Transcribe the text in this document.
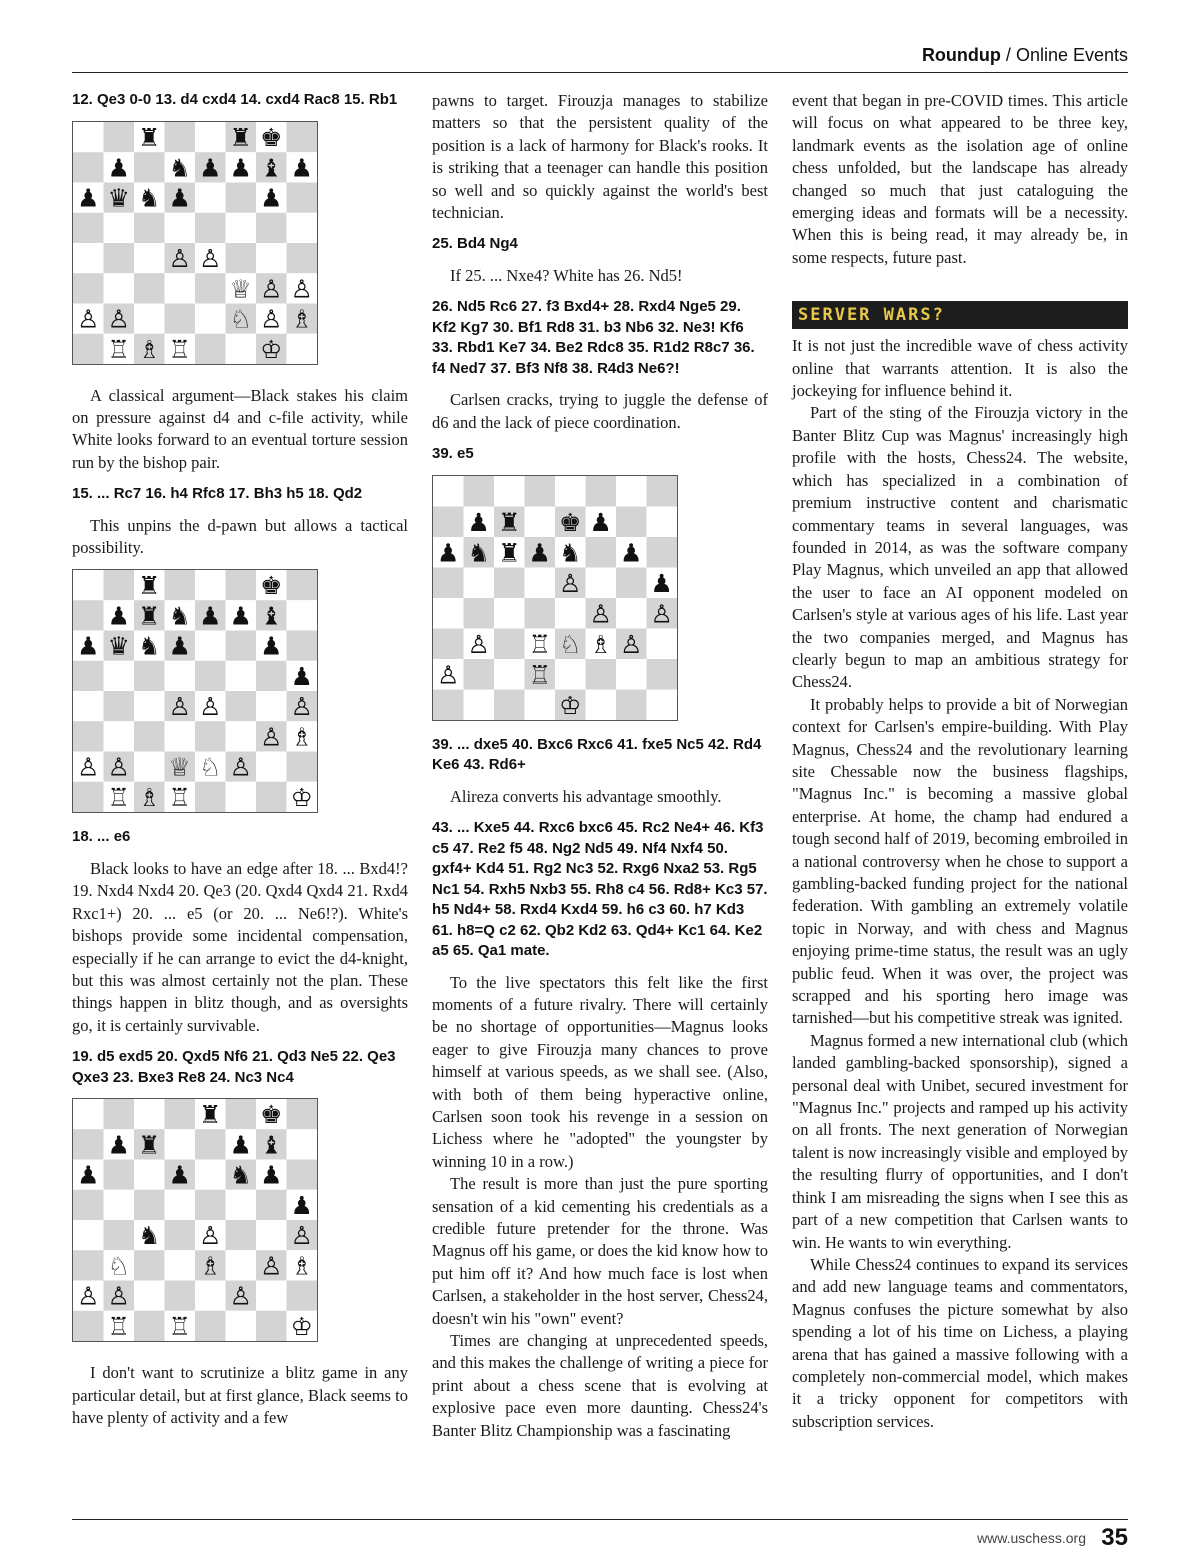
Roundup / Online Events
12. Qe3 0-0 13. d4 cxd4 14. cxd4 Rac8 15. Rb1
♜	♜ ♚
♟ ♞ ♟ ♟ ♝ ♟
♟ ♛ ♞ ♟	♟
♙ ♙
♕ ♙ ♙
♙ ♙	♘ ♙ ♗
♖ ♗ ♖	♔

A classical argument—Black stakes his claim on pressure against d4 and c-file activity, while White looks forward to an eventual torture session run by the bishop pair.

15. ... Rc7 16. h4 Rfc8 17. Bh3 h5 18. Qd2

This unpins the d-pawn but allows a tactical possibility.

♜	♚
♟ ♜ ♞ ♟ ♟ ♝
♟ ♛ ♞ ♟	♟
♟
♙ ♙	♙
♙ ♗
♙ ♙ ♕ ♘ ♙
♖ ♗ ♖	♔
18. ... e6

Black looks to have an edge after 18. ... Bxd4!? 19. Nxd4 Nxd4 20. Qe3 (20. Qxd4 Qxd4 21. Rxd4 Rxc1+) 20. ... e5 (or 20. ... Ne6!?). White's bishops provide some incidental compensation, especially if he can arrange to evict the d4-knight, but this was almost certainly not the plan. These things happen in blitz though, and as oversights go, it is certainly survivable.

19. d5 exd5 20. Qxd5 Nf6 21. Qd3 Ne5 22. Qe3 Qxe3 23. Bxe3 Re8 24. Nc3 Nc4
♜ ♚
♟ ♜	♟ ♝
♟	♟ ♞ ♟
♟
♞ ♙	♙
♘	♗ ♙ ♗
♙ ♙	♙
♖ ♖	♔

I don't want to scrutinize a blitz game in any particular detail, but at first glance, Black seems to have plenty of activity and a few

pawns to target. Firouzja manages to stabilize matters so that the persistent quality of the position is a lack of harmony for Black's rooks. It is striking that a teenager can handle this position so well and so quickly against the world's best technician.

25. Bd4 Ng4

If 25. ... Nxe4? White has 26. Nd5!

26. Nd5 Rc6 27. f3 Bxd4+ 28. Rxd4 Nge5 29. Kf2 Kg7 30. Bf1 Rd8 31. b3 Nb6 32. Ne3! Kf6 33. Rbd1 Ke7 34. Be2 Rdc8 35. R1d2 R8c7 36. f4 Ned7 37. Bf3 Nf8 38. R4d3 Ne6?!

Carlsen cracks, trying to juggle the defense of d6 and the lack of piece coordination.

39. e5
♟ ♜ ♚ ♟
♟ ♞ ♜ ♟ ♞ ♟
♙	♟
♙ ♙
♙ ♖ ♘ ♗ ♙
♙	♖
♔
39. ... dxe5 40. Bxc6 Rxc6 41. fxe5 Nc5 42. Rd4 Ke6 43. Rd6+

Alireza converts his advantage smoothly.

43. ... Kxe5 44. Rxc6 bxc6 45. Rc2 Ne4+ 46. Kf3 c5 47. Re2 f5 48. Ng2 Nd5 49. Nf4 Nxf4 50. gxf4+ Kd4 51. Rg2 Nc3 52. Rxg6 Nxa2 53. Rg5 Nc1 54. Rxh5 Nxb3 55. Rh8 c4 56. Rd8+ Kc3 57. h5 Nd4+ 58. Rxd4 Kxd4 59. h6 c3 60. h7 Kd3 61. h8=Q c2 62. Qb2 Kd2 63. Qd4+ Kc1 64. Ke2 a5 65. Qa1 mate.

To the live spectators this felt like the first moments of a future rivalry. There will certainly be no shortage of opportunities—Magnus looks eager to give Firouzja many chances to prove himself at various speeds, as we shall see. (Also, with both of them being hyperactive online, Carlsen soon took his revenge in a session on Lichess where he "adopted" the youngster by winning 10 in a row.)

The result is more than just the pure sporting sensation of a kid cementing his credentials as a credible future pretender for the throne. Was Magnus off his game, or does the kid know how to put him off it? And how much face is lost when Carlsen, a stakeholder in the host server, Chess24, doesn't win his "own" event?

Times are changing at unprecedented speeds, and this makes the challenge of writing a piece for print about a chess scene that is evolving at explosive pace even more daunting. Chess24's Banter Blitz Championship was a fascinating

event that began in pre-COVID times. This article will focus on what appeared to be three key, landmark events as the isolation age of online chess unfolded, but the landscape has already changed so much that just cataloguing the emerging ideas and formats will be a necessity. When this is being read, it may already be, in some respects, future past.

SERVER WARS?

It is not just the incredible wave of chess activity online that warrants attention. It is also the jockeying for influence behind it.

Part of the sting of the Firouzja victory in the Banter Blitz Cup was Magnus' increasingly high profile with the hosts, Chess24. The website, which has specialized in a combination of premium instructive content and charismatic commentary teams in several languages, was founded in 2014, as was the software company Play Magnus, which unveiled an app that allowed the user to face an AI opponent modeled on Carlsen's style at various ages of his life. Last year the two companies merged, and Magnus has clearly begun to map an ambitious strategy for Chess24.

It probably helps to provide a bit of Norwegian context for Carlsen's empire-building. With Play Magnus, Chess24 and the revolutionary learning site Chessable now the business flagships, "Magnus Inc." is becoming a massive global enterprise. At home, the champ had endured a tough second half of 2019, becoming embroiled in a national controversy when he chose to support a gambling-backed funding project for the national federation. With gambling an extremely volatile topic in Norway, and with chess and Magnus enjoying prime-time status, the result was an ugly public feud. When it was over, the project was scrapped and his sporting hero image was tarnished—but his competitive streak was ignited.

Magnus formed a new international club (which landed gambling-backed sponsorship), signed a personal deal with Unibet, secured investment for "Magnus Inc." projects and ramped up his activity on all fronts. The next generation of Norwegian talent is now increasingly visible and employed by the resulting flurry of opportunities, and I don't think I am misreading the signs when I see this as part of a new competition that Carlsen wants to win. He wants to win everything.

While Chess24 continues to expand its services and add new language teams and commentators, Magnus confuses the picture somewhat by also spending a lot of his time on Lichess, a playing arena that has gained a massive following with a completely non-commercial model, which makes it a tricky opponent for competitors with subscription services.

www.uschess.org 35
